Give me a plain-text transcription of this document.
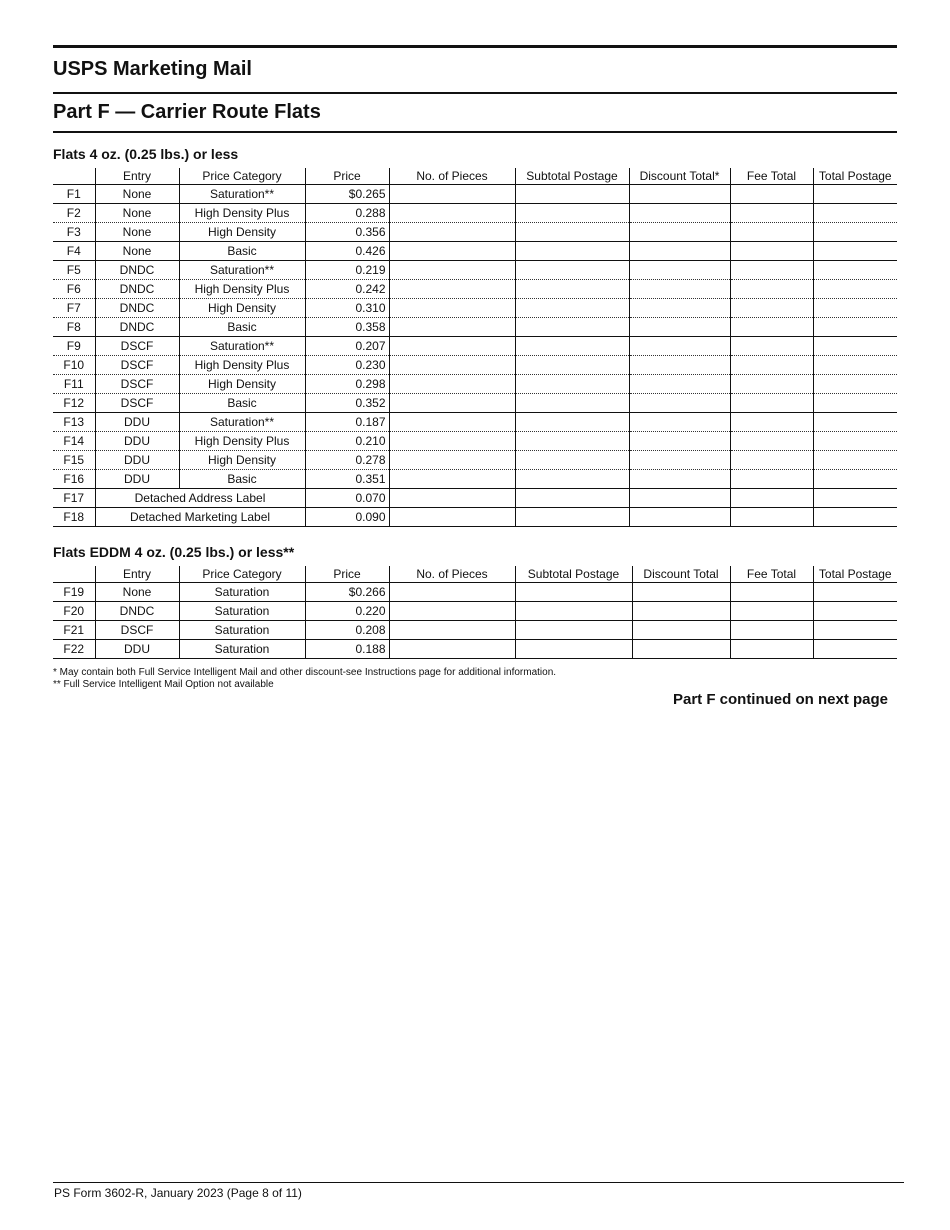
USPS Marketing Mail
Part F — Carrier Route Flats
Flats 4 oz. (0.25 lbs.) or less
	Entry	Price Category	Price	No. of Pieces	Subtotal Postage	Discount Total*	Fee Total	Total Postage
F1	None	Saturation**	$0.265					
F2	None	High Density Plus	0.288					
F3	None	High Density	0.356					
F4	None	Basic	0.426					
F5	DNDC	Saturation**	0.219					
F6	DNDC	High Density Plus	0.242					
F7	DNDC	High Density	0.310					
F8	DNDC	Basic	0.358					
F9	DSCF	Saturation**	0.207					
F10	DSCF	High Density Plus	0.230					
F11	DSCF	High Density	0.298					
F12	DSCF	Basic	0.352					
F13	DDU	Saturation**	0.187					
F14	DDU	High Density Plus	0.210					
F15	DDU	High Density	0.278					
F16	DDU	Basic	0.351					
F17	Detached Address Label		0.070					
F18	Detached Marketing Label		0.090					
Flats EDDM 4 oz. (0.25 lbs.) or less**
	Entry	Price Category	Price	No. of Pieces	Subtotal Postage	Discount Total	Fee Total	Total Postage
F19	None	Saturation	$0.266					
F20	DNDC	Saturation	0.220					
F21	DSCF	Saturation	0.208					
F22	DDU	Saturation	0.188					
* May contain both Full Service Intelligent Mail and other discount-see Instructions page for additional information.
** Full Service Intelligent Mail Option not available
Part F continued on next page
PS Form 3602-R, January 2023 (Page 8 of 11)
